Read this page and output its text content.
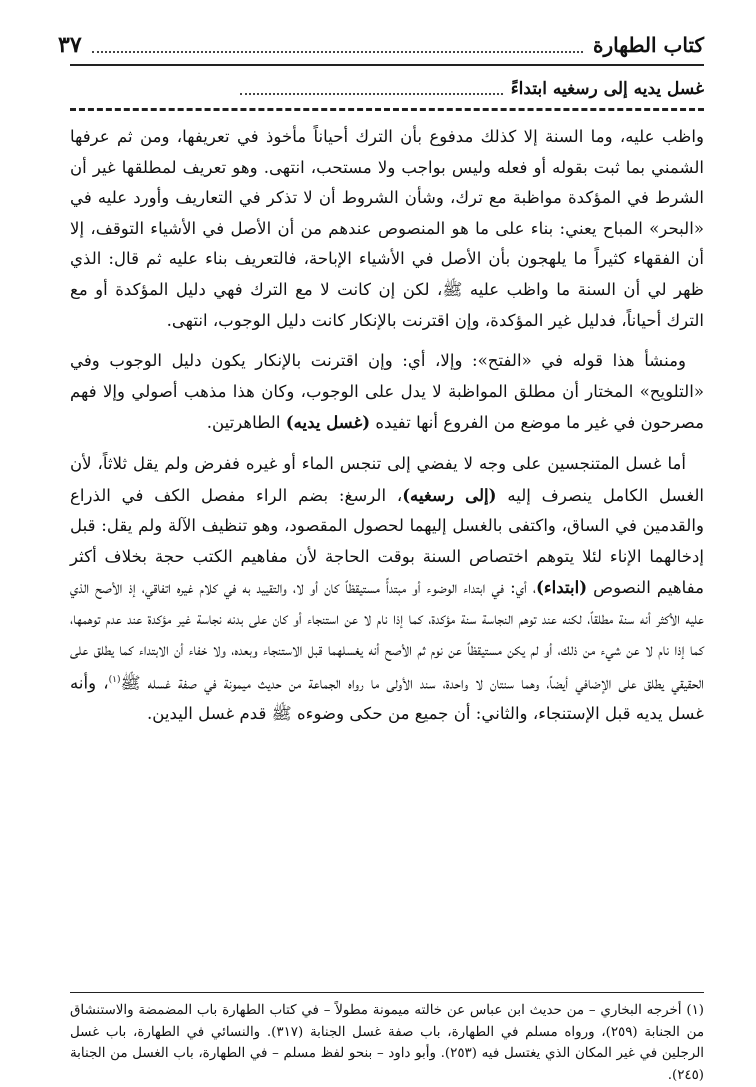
كتاب الطهارة
٣٧
غسل يديه إلى رسغيه ابتداءً

واظب عليه، وما السنة إلا كذلك مدفوع بأن الترك أحياناً مأخوذ في تعريفها، ومن ثم عرفها الشمني بما ثبت بقوله أو فعله وليس بواجب ولا مستحب، انتهى. وهو تعريف لمطلقها غير أن الشرط في المؤكدة مواظبة مع ترك، وشأن الشروط أن لا تذكر في التعاريف وأورد عليه في «البحر» المباح يعني: بناء على ما هو المنصوص عندهم من أن الأصل في الأشياء التوقف، إلا أن الفقهاء كثيراً ما يلهجون بأن الأصل في الأشياء الإباحة، فالتعريف بناء عليه ثم قال: الذي ظهر لي أن السنة ما واظب عليه ﷺ، لكن إن كانت لا مع الترك فهي دليل المؤكدة أو مع الترك أحياناً، فدليل غير المؤكدة، وإن اقترنت بالإنكار كانت دليل الوجوب، انتهى.

ومنشأ هذا قوله في «الفتح»: وإلا، أي: وإن اقترنت بالإنكار يكون دليل الوجوب وفي «التلويح» المختار أن مطلق المواظبة لا يدل على الوجوب، وكان هذا مذهب أصولي وإلا فهم مصرحون في غير ما موضع من الفروع أنها تفيده (غسل يديه) الطاهرتين.

أما غسل المتنجسين على وجه لا يفضي إلى تنجس الماء أو غيره ففرض ولم يقل ثلاثاً، لأن الغسل الكامل ينصرف إليه (إلى رسغيه)، الرسغ: بضم الراء مفصل الكف في الذراع والقدمين في الساق، واكتفى بالغسل إليهما لحصول المقصود، وهو تنظيف الآلة ولم يقل: قبل إدخالهما الإناء لئلا يتوهم اختصاص السنة بوقت الحاجة لأن مفاهيم الكتب حجة بخلاف أكثر مفاهيم النصوص (ابتداء)، أي: في ابتداء الوضوء أو مبتدأً مستيقظاً كان أو لا، والتقييد به في كلام غيره اتفاقي، إذ الأصح الذي عليه الأكثر أنه سنة مطلقاً، لكنه عند توهم النجاسة سنة مؤكدة، كما إذا نام لا عن استنجاء أو كان على بدنه نجاسة غير مؤكدة عند عدم توهمها، كما إذا نام لا عن شيء من ذلك، أو لم يكن مستيقظاً عن نوم ثم الأصح أنه يغسلهما قبل الاستنجاء وبعده، ولا خفاء أن الابتداء كما يطلق على الحقيقي يطلق على الإضافي أيضاً، وهما سنتان لا واحدة، سند الأولى ما رواه الجماعة من حديث ميمونة في صفة غسله ﷺ$^{(١)}$، وأنه غسل يديه قبل الإستنجاء، والثاني: أن جميع من حكى وضوءه ﷺ قدم غسل اليدين.

(١) أخرجه البخاري – من حديث ابن عباس عن خالته ميمونة مطولاً – في كتاب الطهارة باب المضمضة والاستنشاق من الجنابة (٢٥٩)، ورواه مسلم في الطهارة، باب صفة غسل الجنابة (٣١٧). والنسائي في الطهارة، باب غسل الرجلين في غير المكان الذي يغتسل فيه (٢٥٣). وأبو داود – بنحو لفظ مسلم – في الطهارة، باب الغسل من الجنابة (٢٤٥).
